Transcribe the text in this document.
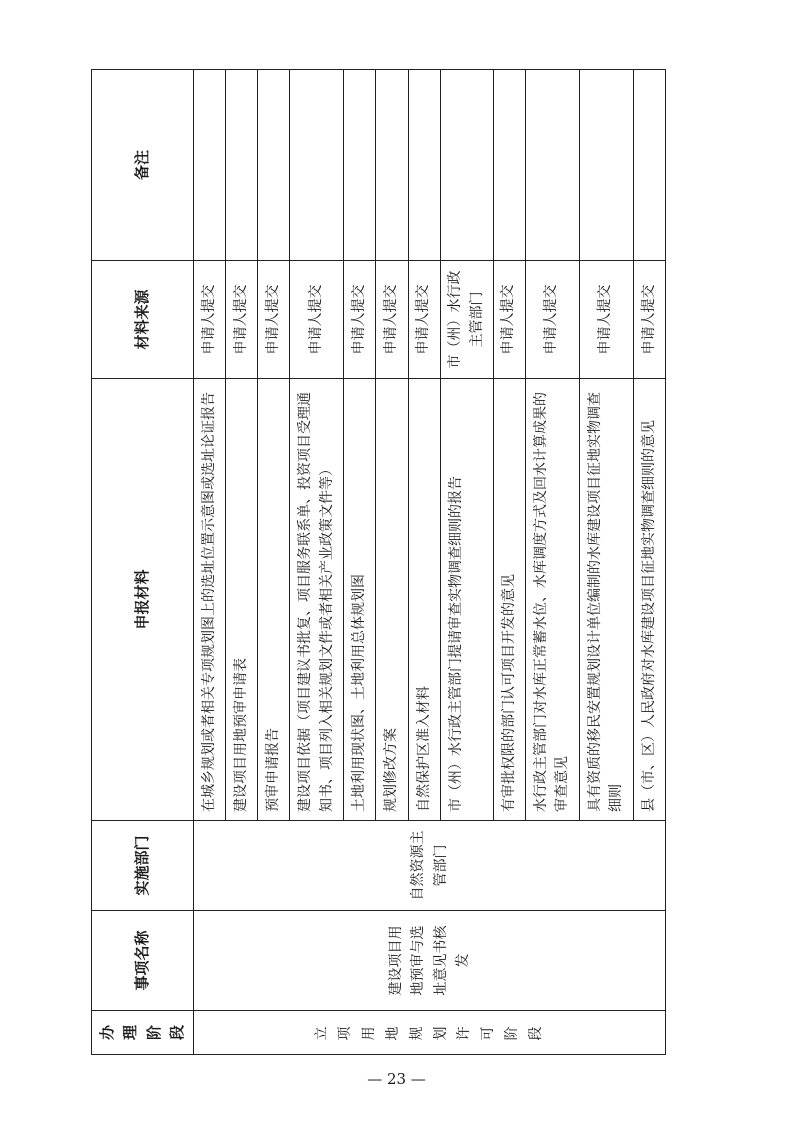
办理阶段	事项名称	实施部门	申报材料	材料来源	备注
立项用地规划许可阶段	建设项目用地预审与选址意见书核发	自然资源主管部门	在城乡规划或者相关专项规划图上的选址位置示意图或选址论证报告	申请人提交	
			建设项目用地预审申请表	申请人提交	
			预审申请报告	申请人提交	
			建设项目依据（项目建议书批复、项目服务联系单、投资项目受理通知书、项目列入相关规划文件或者相关产业政策文件等）	申请人提交	
			土地利用现状图、土地利用总体规划图	申请人提交	
			规划修改方案	申请人提交	
			自然保护区准入材料	申请人提交	
			市（州）水行政主管部门提请审查实物调查细则的报告	市（州）水行政主管部门	
			有审批权限的部门认可项目开发的意见	申请人提交	
			水行政主管部门对水库正常蓄水位、水库调度方式及回水计算成果的审查意见	申请人提交	
			具有资质的移民安置规划设计单位编制的水库建设项目征地实物调查细则	申请人提交	
			县（市、区）人民政府对水库建设项目征地实物调查细则的意见	申请人提交	
— 23 —
